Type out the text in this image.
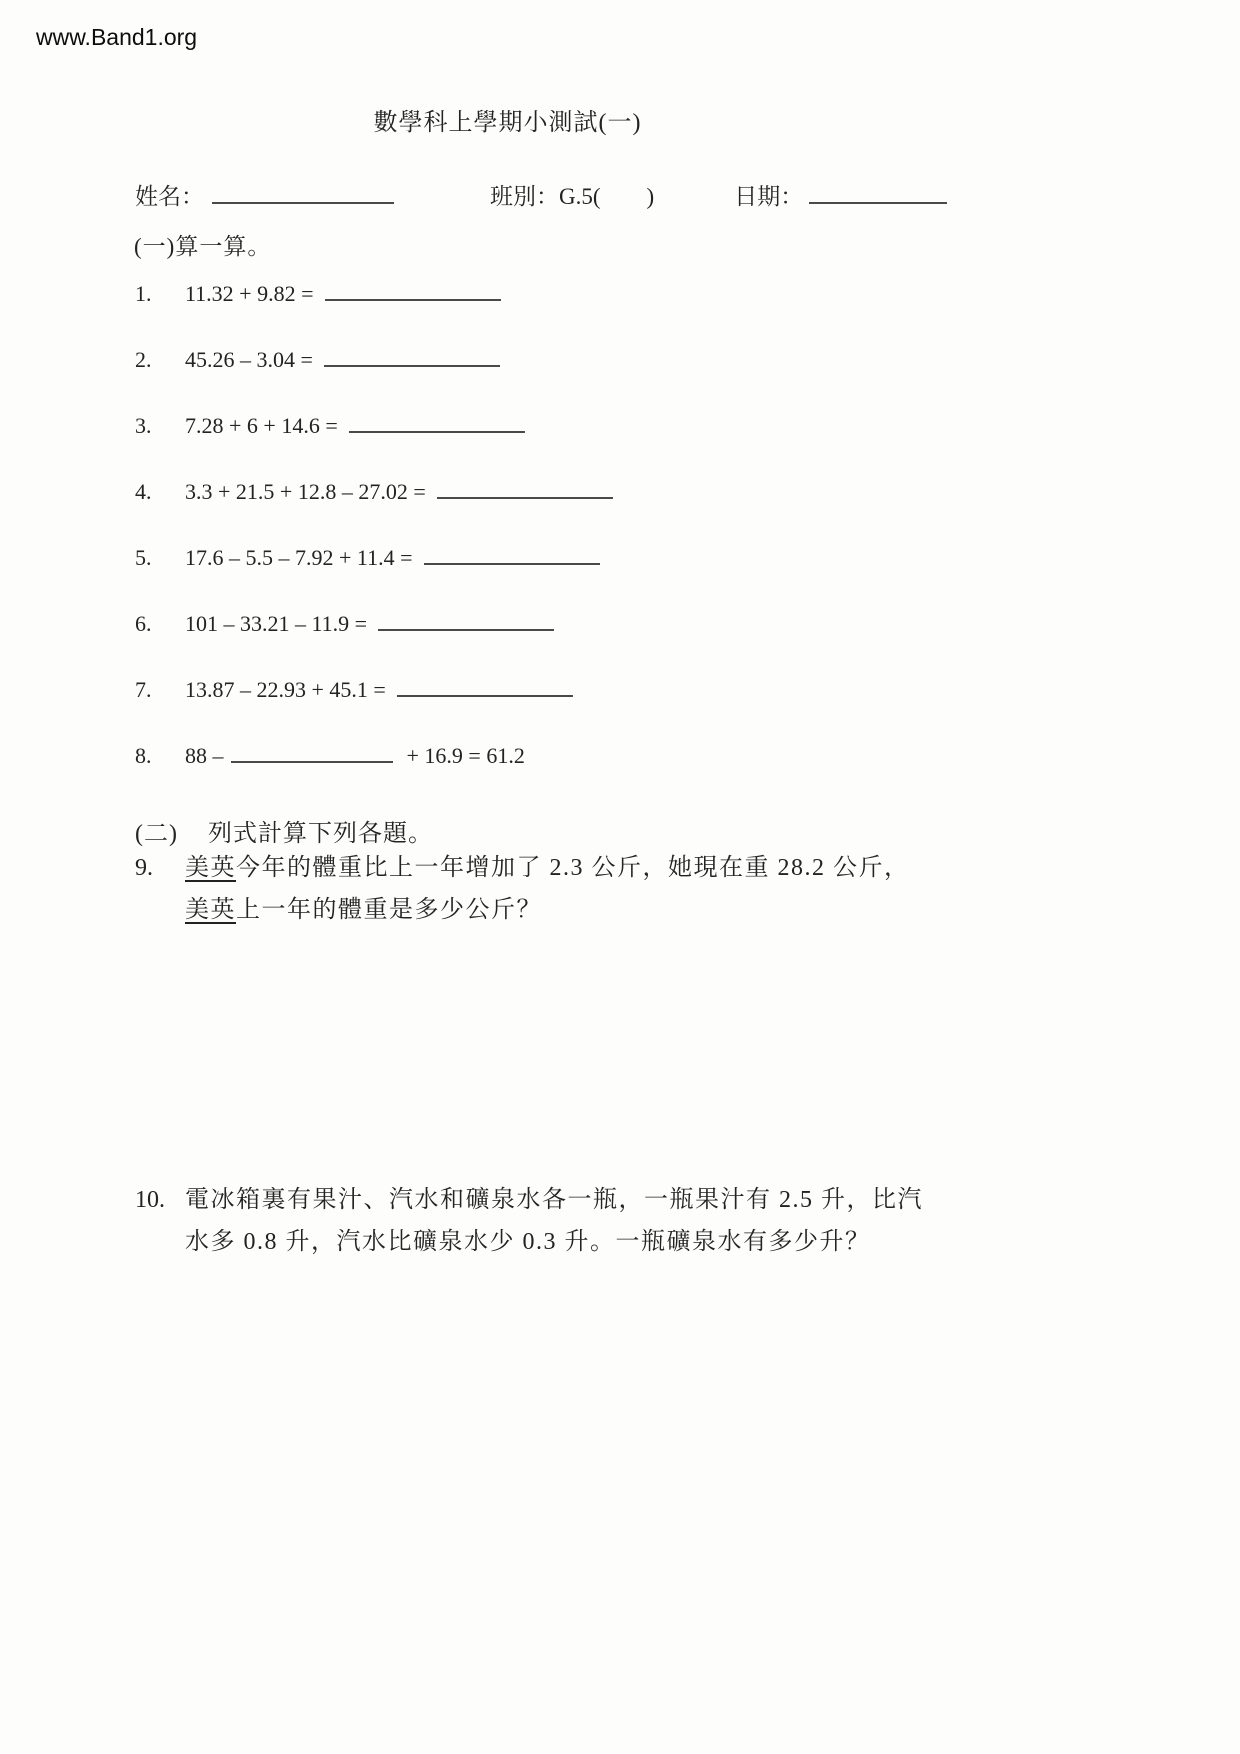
www.Band1.org
數學科上學期小測試(一)
姓名：	班別：G.5(        )	日期：
(一)算一算。
1.	11.32 + 9.82 =
2.	45.26 – 3.04 =
3.	7.28 + 6 + 14.6 =
4.	3.3 + 21.5 + 12.8 – 27.02 =
5.	17.6 – 5.5 – 7.92 + 11.4 =
6.	101 – 33.21 – 11.9 =
7.	13.87 – 22.93 + 45.1 =
8.	88 –	+ 16.9 = 61.2
(二) 列式計算下列各題。
9.	美英今年的體重比上一年增加了 2.3 公斤，她現在重 28.2 公斤，
美英上一年的體重是多少公斤？
10. 電冰箱裏有果汁、汽水和礦泉水各一瓶，一瓶果汁有 2.5 升，比汽
水多 0.8 升，汽水比礦泉水少 0.3 升。一瓶礦泉水有多少升？
